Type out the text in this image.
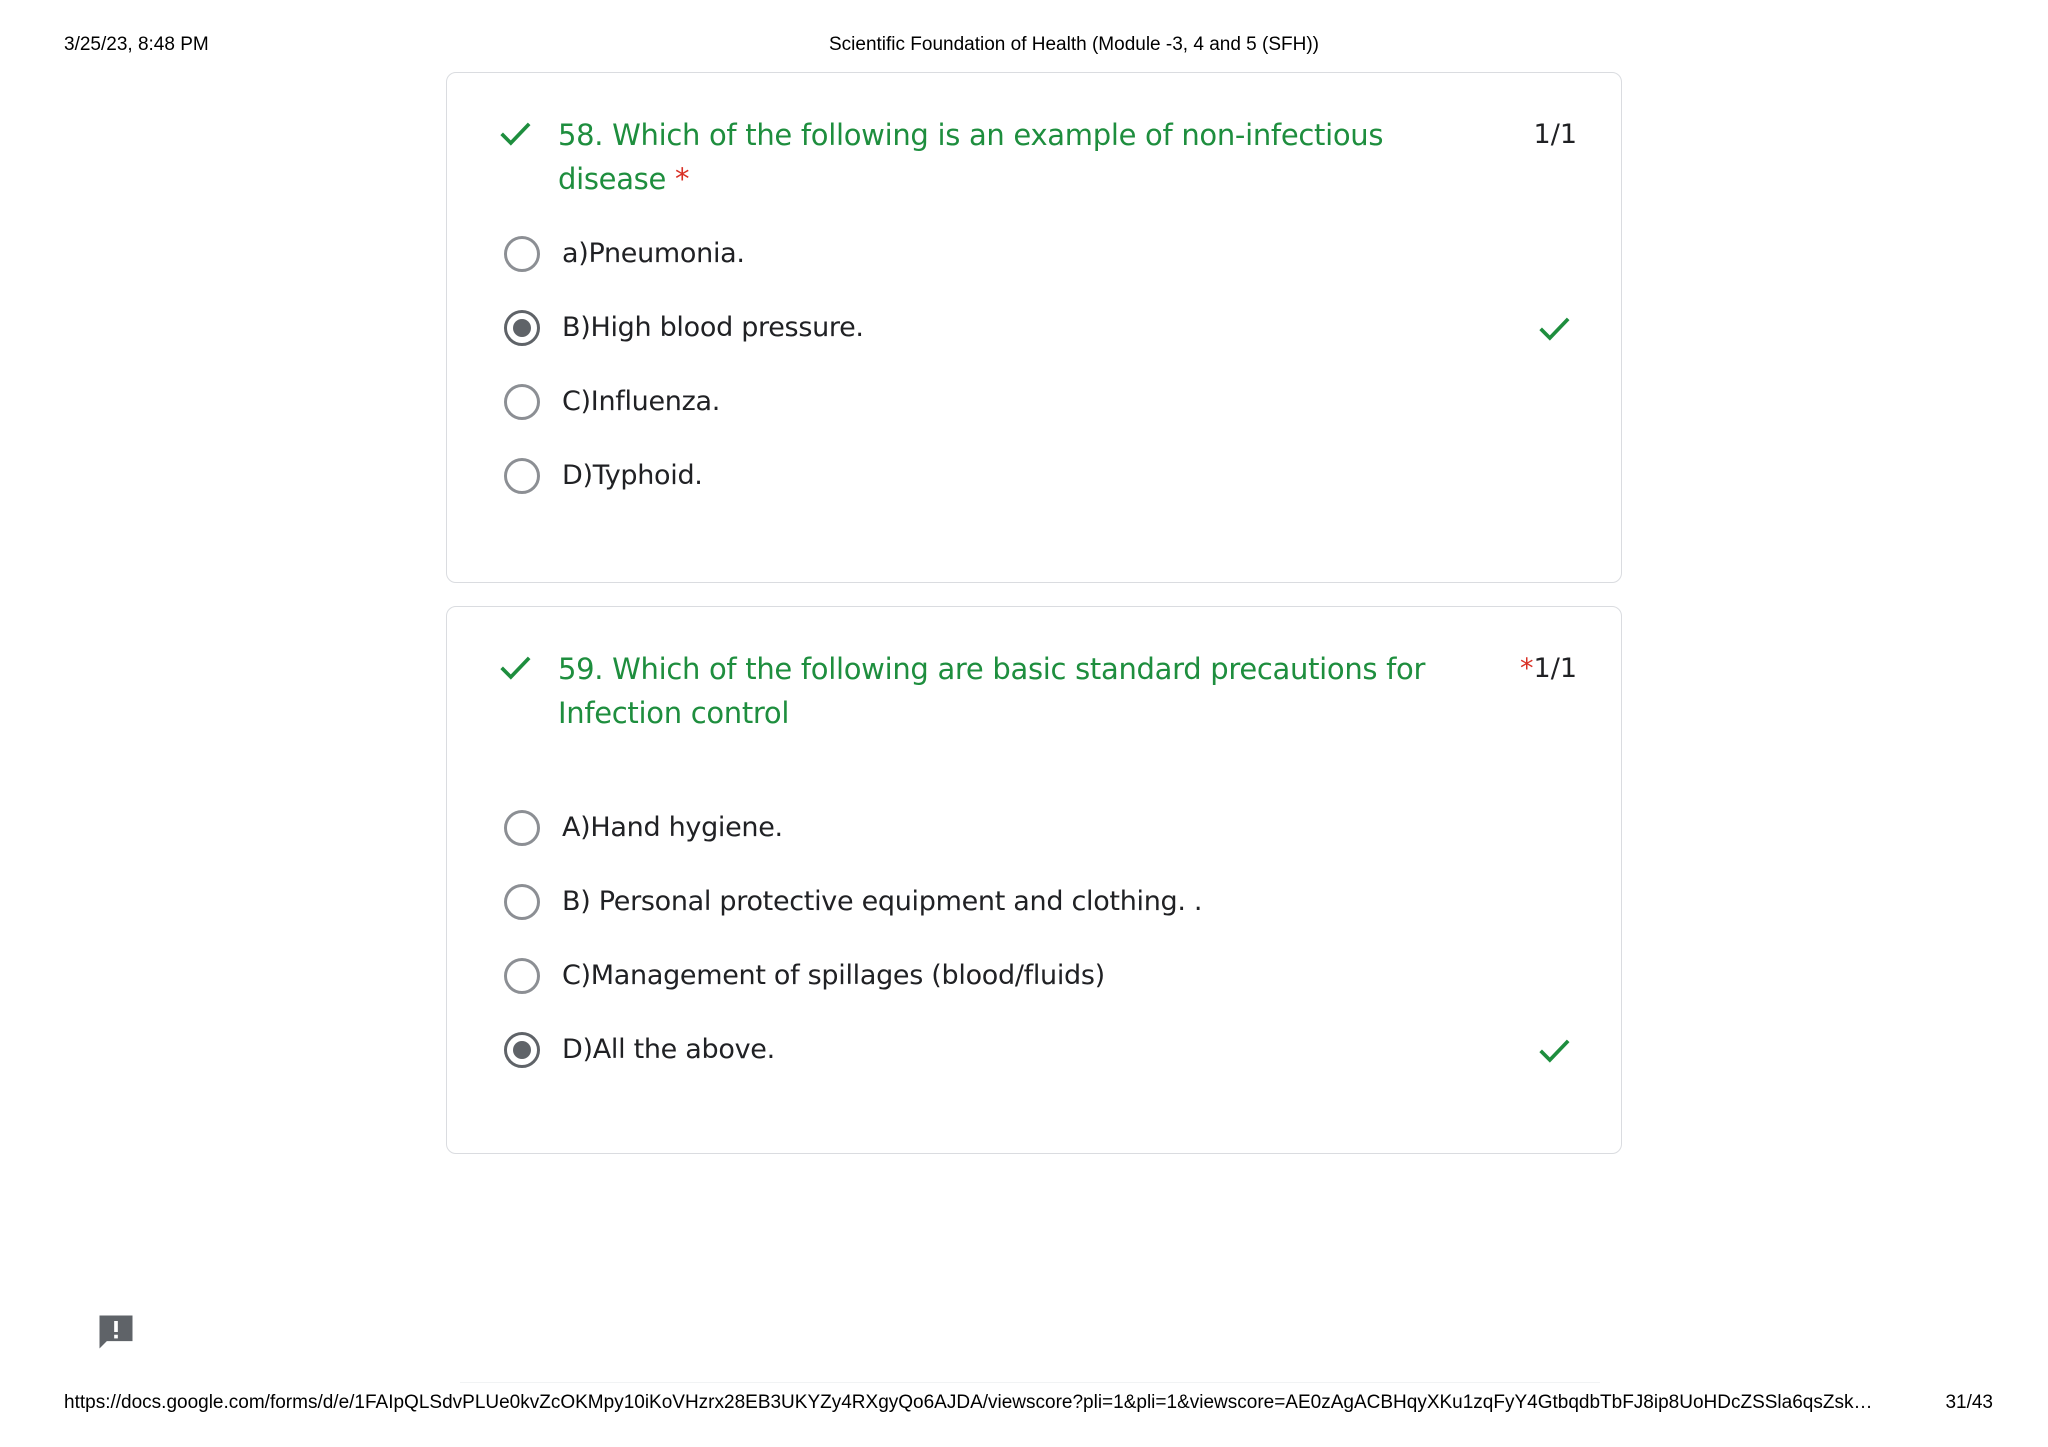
3/25/23, 8:48 PM	Scientific Foundation of Health (Module -3, 4 and 5 (SFH))
58. Which of the following is an example of non-infectious disease *
1/1
a)Pneumonia.
B)High blood pressure.
C)Influenza.
D)Typhoid.
59. Which of the following are basic standard precautions for Infection control
*1/1
A)Hand hygiene.
B) Personal protective equipment and clothing. .
C)Management of spillages (blood/fluids)
D)All the above.
https://docs.google.com/forms/d/e/1FAIpQLSdvPLUe0kvZcOKMpy10iKoVHzrx28EB3UKYZy4RXgyQo6AJDA/viewscore?pli=1&pli=1&viewscore=AE0zAgACBHqyXKu1zqFyY4GtbqdbTbFJ8ip8UoHDcZSSla6qsZsk…	31/43
